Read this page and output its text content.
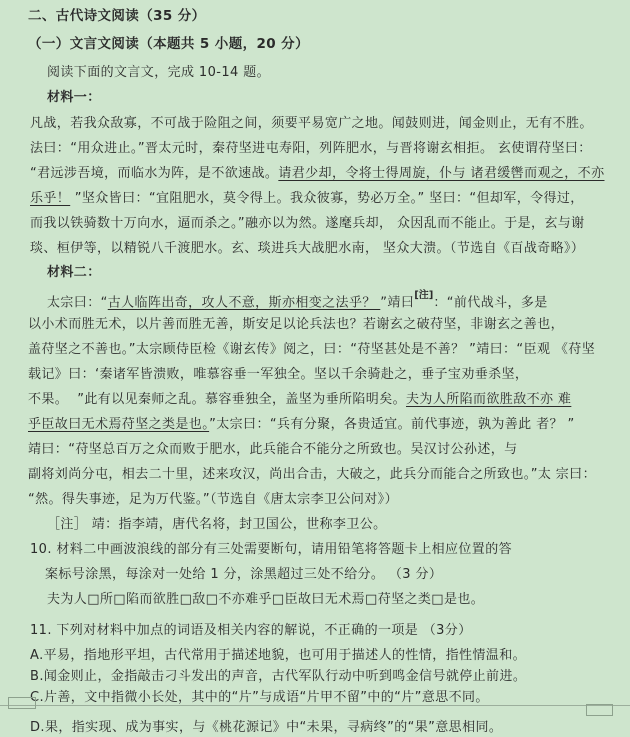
二、古代诗文阅读（35 分）
（一）文言文阅读（本题共 5 小题，20 分）
阅读下面的文言文，完成 10-14 题。
材料一：
凡战，若我众敌寡，不可战于险阻之间，须要平易宽广之地。闻鼓则进，闻金则止，无有不胜。
法曰：“用众进止。”晋太元时，秦苻坚进屯寿阳，列阵肥水，与晋将谢玄相拒。 玄使谓苻坚曰：
“君远涉吾境，而临水为阵，是不欲速战。请君少却，令将士得周旋，仆与 诸君缓辔而观之，不亦
乐乎！ ”坚众皆曰：“宜阻肥水，莫令得上。我众彼寡，势必万全。” 坚曰：“但却军，令得过，
而我以铁骑数十万向水，逼而杀之。”融亦以为然。遂麾兵却， 众因乱而不能止。于是，玄与谢
琰、桓伊等，以精锐八千渡肥水。玄、琰进兵大战肥水南， 坚众大溃。（节选自《百战奇略》）
材料二：
太宗曰：“古人临阵出奇，攻人不意，斯亦相变之法乎？ ”靖曰[注]：“前代战斗，多是
以小术而胜无术，以片善而胜无善，斯安足以论兵法也？若谢玄之破苻坚，非谢玄之善也，
盖苻坚之不善也。”太宗顾侍臣检《谢玄传》阅之，曰：“苻坚甚处是不善？ ”靖曰：“臣观 《苻坚
载记》曰：‘秦诸军皆溃败，唯慕容垂一军独全。坚以千余骑赴之，垂子宝劝垂杀坚，
不果。  ”此有以见秦师之乱。慕容垂独全，盖坚为垂所陷明矣。夫为人所陷而欲胜敌不亦 难
乎臣故曰无术焉苻坚之类是也。”太宗曰：“兵有分聚，各贵适宜。前代事迹，孰为善此 者？ ”
靖曰：“苻坚总百万之众而败于肥水，此兵能合不能分之所致也。吴汉讨公孙述，与
副将刘尚分屯，相去二十里，述来攻汉，尚出合击，大破之，此兵分而能合之所致也。”太 宗曰：
“然。得失事迹，足为万代鉴。”（节选自《唐太宗李卫公问对》）
［注］ 靖：指李靖，唐代名将，封卫国公，世称李卫公。
10. 材料二中画波浪线的部分有三处需要断句，请用铅笔将答题卡上相应位置的答
案标号涂黑，每涂对一处给 1 分，涂黑超过三处不给分。 （3 分）
夫为人□所□陷而欲胜□敌□不亦难乎□臣故曰无术焉□苻坚之类□是也。
11. 下列对材料中加点的词语及相关内容的解说，不正确的一项是 （3分）
A.平易，指地形平坦，古代常用于描述地貌，也可用于描述人的性情，指性情温和。
B.闻金则止，金指敲击刁斗发出的声音，古代军队行动中听到鸣金信号就停止前进。
C.片善，文中指微小长处，其中的“片”与成语“片甲不留”中的“片”意思不同。
D.果，指实现、成为事实，与《桃花源记》中“未果，寻病终”的“果”意思相同。
